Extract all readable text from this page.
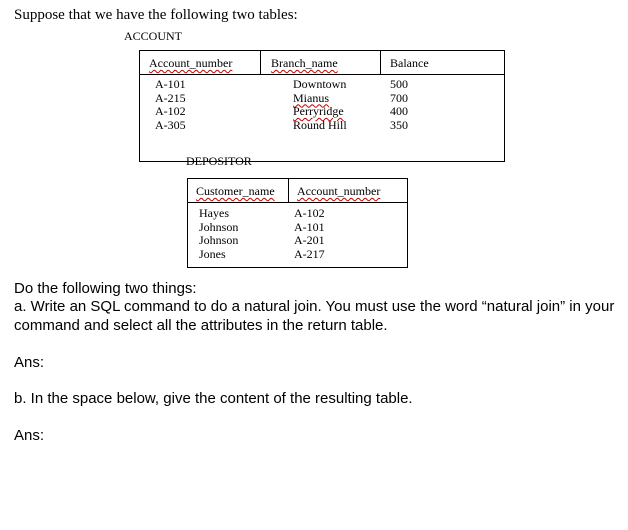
Suppose that we have the following two tables:
ACCOUNT
Account_number	Branch_name	Balance
A-101
A-215
A-102
A-305
Downtown
Mianus
Perryridge
Round Hill
500
700
400
350
DEPOSITOR
Customer_name Account_number
Hayes
Johnson
Johnson
Jones
A-102
A-101
A-201
A-217
Do the following two things:
a. Write an SQL command to do a natural join. You must use the word “natural join” in your
command and select all the attributes in the return table.
Ans:
b. In the space below, give the content of the resulting table.
Ans:
